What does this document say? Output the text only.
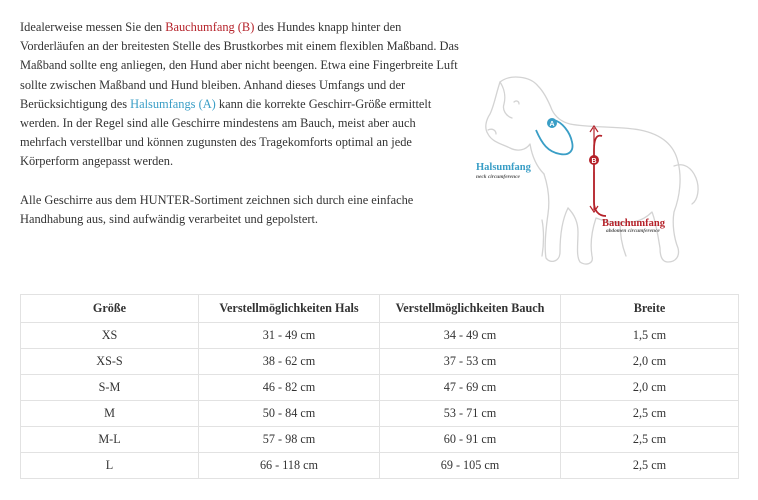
Idealerweise messen Sie den Bauchumfang (B) des Hundes knapp hinter den Vorderläufen an der breitesten Stelle des Brustkorbes mit einem flexiblen Maßband. Das Maßband sollte eng anliegen, den Hund aber nicht beengen. Etwa eine Fingerbreite Luft sollte zwischen Maßband und Hund bleiben. Anhand dieses Umfangs und der Berücksichtigung des Halsumfangs (A) kann die korrekte Geschirr-Größe ermittelt werden. In der Regel sind alle Geschirre mindestens am Bauch, meist aber auch mehrfach verstellbar und können zugunsten des Tragekomforts optimal an jede Körperform angepasst werden.

Alle Geschirre aus dem HUNTER-Sortiment zeichnen sich durch eine einfache Handhabung aus, sind aufwändig verarbeitet und gepolstert.

A
B
Halsumfang
neck circumference
Bauchumfang
abdomen circumference
Größe	Verstellmöglichkeiten Hals	Verstellmöglichkeiten Bauch	Breite
XS	31 - 49 cm	34 - 49 cm	1,5 cm
XS-S	38 - 62 cm	37 - 53 cm	2,0 cm
S-M	46 - 82 cm	47 - 69 cm	2,0 cm
M	50 - 84 cm	53 - 71 cm	2,5 cm
M-L	57 - 98 cm	60 - 91 cm	2,5 cm
L	66 - 118 cm	69 - 105 cm	2,5 cm
